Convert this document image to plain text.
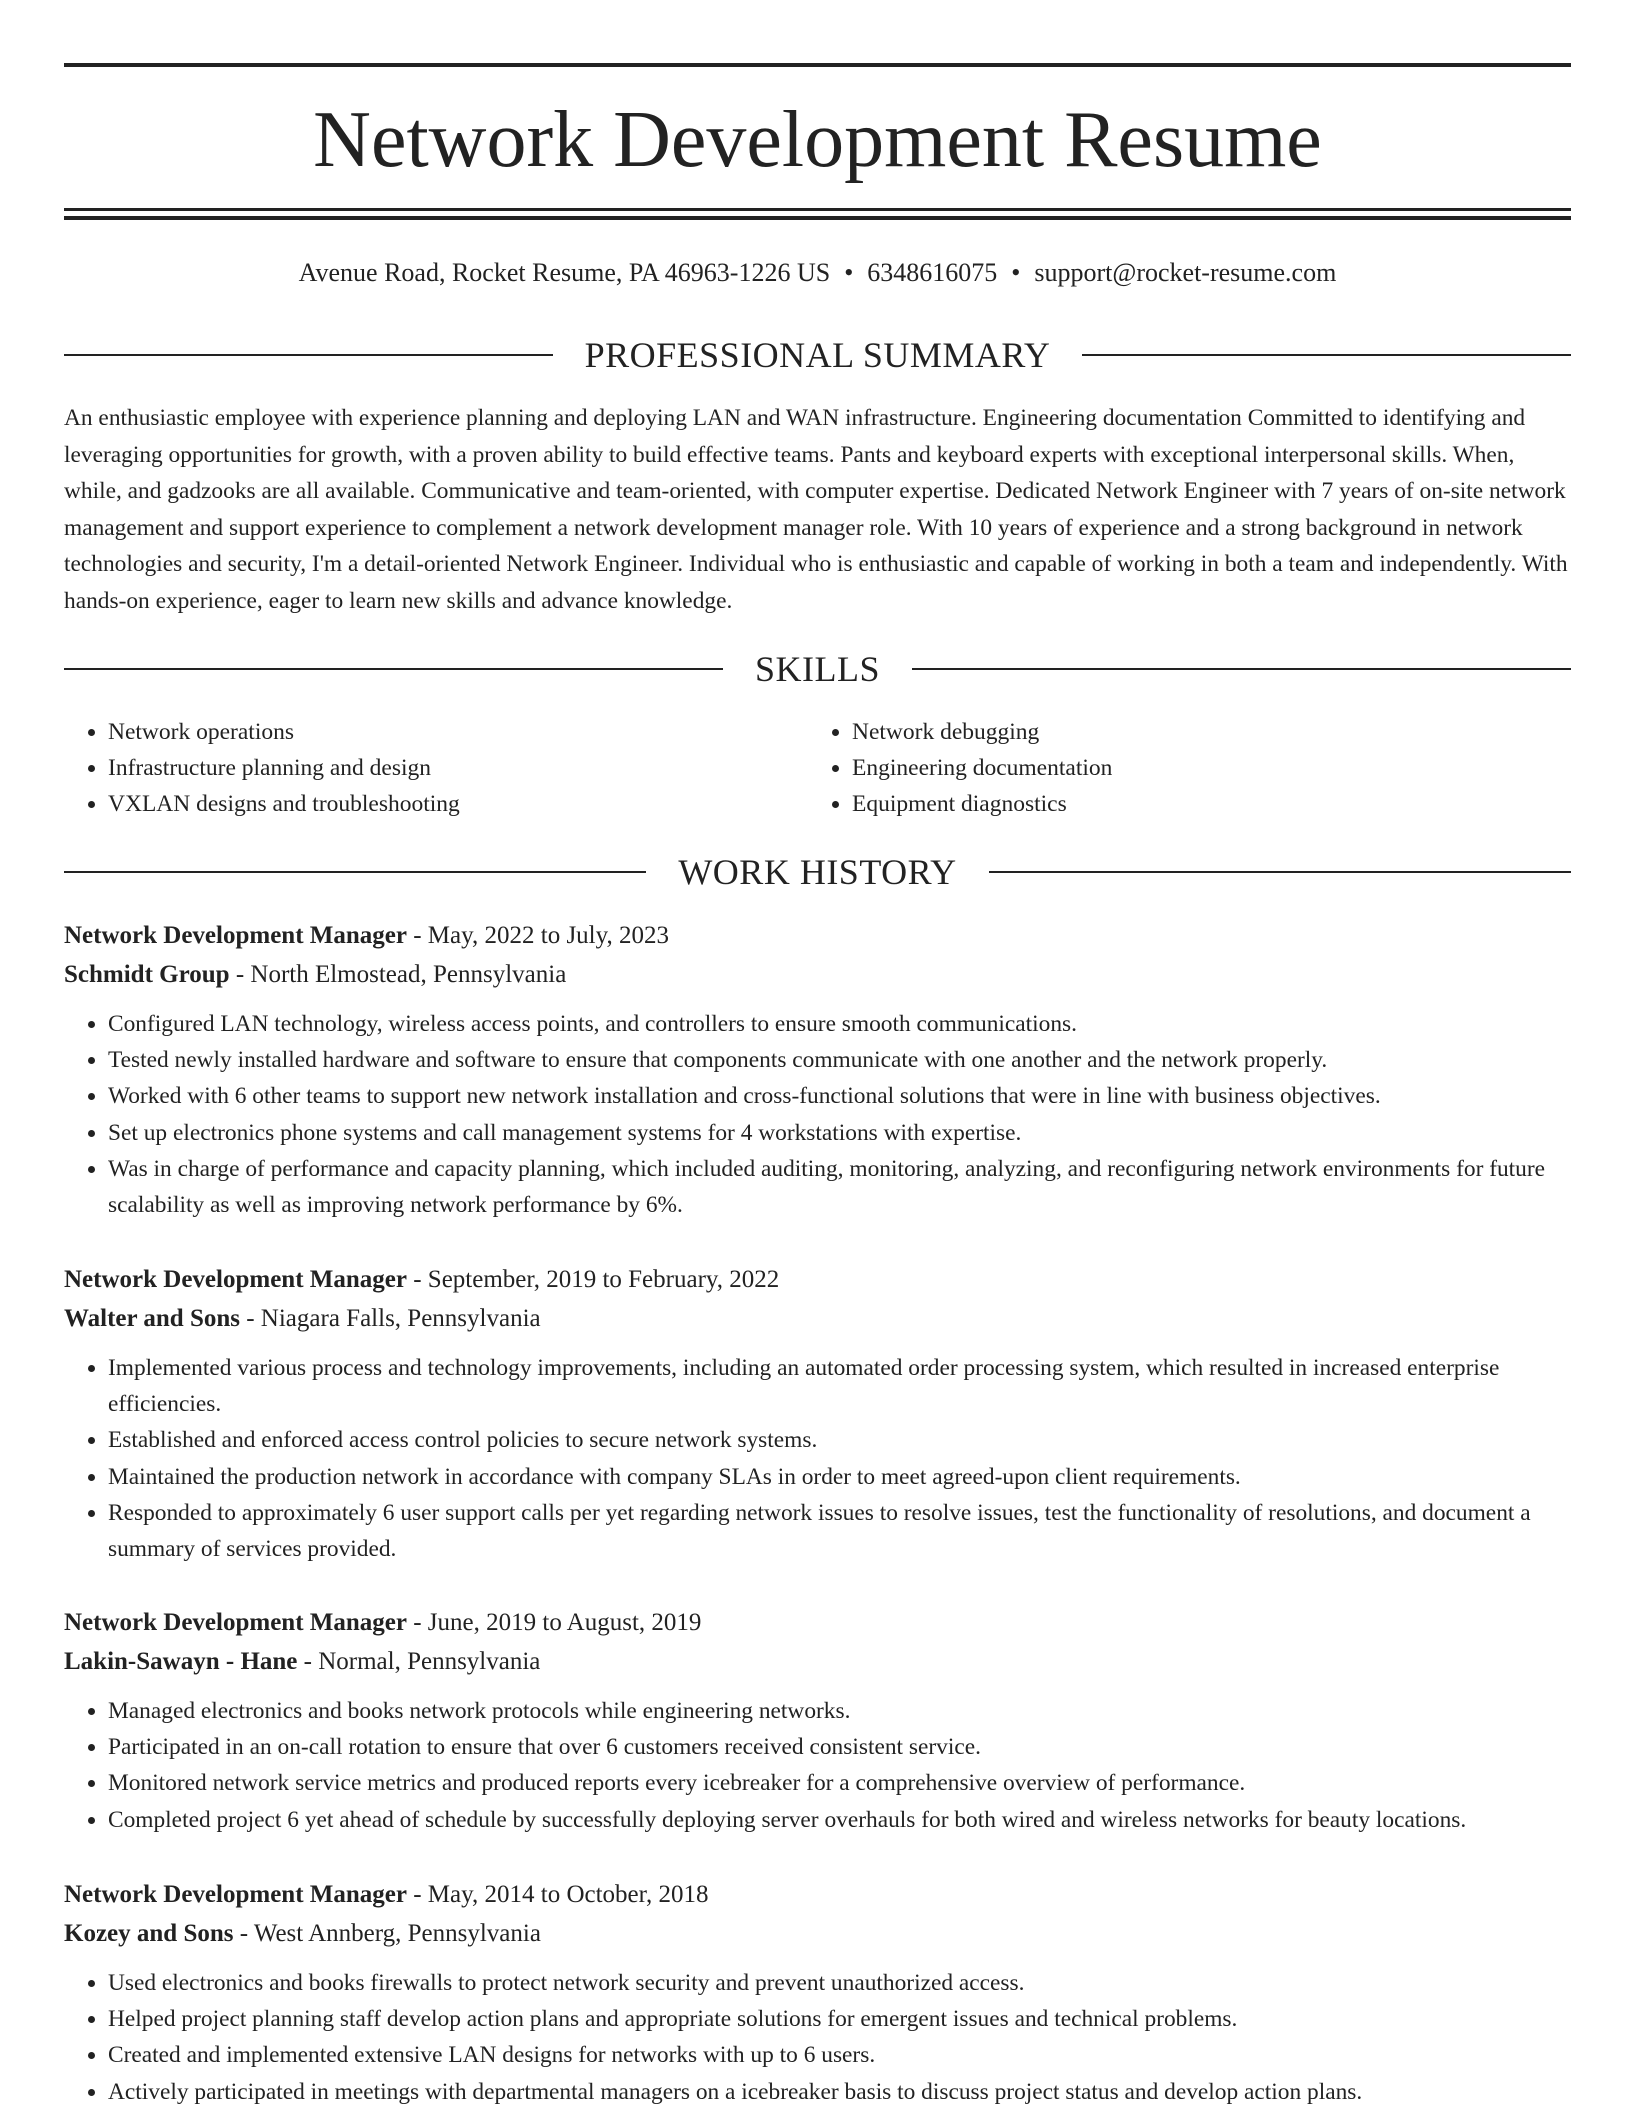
Network Development Resume
Avenue Road, Rocket Resume, PA 46963-1226 US • 6348616075 • support@rocket-resume.com
PROFESSIONAL SUMMARY

An enthusiastic employee with experience planning and deploying LAN and WAN infrastructure. Engineering documentation Committed to identifying and leveraging opportunities for growth, with a proven ability to build effective teams. Pants and keyboard experts with exceptional interpersonal skills. When, while, and gadzooks are all available. Communicative and team-oriented, with computer expertise. Dedicated Network Engineer with 7 years of on-site network management and support experience to complement a network development manager role. With 10 years of experience and a strong background in network technologies and security, I'm a detail-oriented Network Engineer. Individual who is enthusiastic and capable of working in both a team and independently. With hands-on experience, eager to learn new skills and advance knowledge.

SKILLS
• Network operations
• Infrastructure planning and design
• VXLAN designs and troubleshooting
• Network debugging
• Engineering documentation
• Equipment diagnostics
WORK HISTORY
Network Development Manager - May, 2022 to July, 2023
Schmidt Group - North Elmostead, Pennsylvania
• Configured LAN technology, wireless access points, and controllers to ensure smooth communications.
• Tested newly installed hardware and software to ensure that components communicate with one another and the network properly.
• Worked with 6 other teams to support new network installation and cross-functional solutions that were in line with business objectives.
• Set up electronics phone systems and call management systems for 4 workstations with expertise.
• Was in charge of performance and capacity planning, which included auditing, monitoring, analyzing, and reconfiguring network environments for future scalability as well as improving network performance by 6%.
Network Development Manager - September, 2019 to February, 2022
Walter and Sons - Niagara Falls, Pennsylvania
• Implemented various process and technology improvements, including an automated order processing system, which resulted in increased enterprise efficiencies.
• Established and enforced access control policies to secure network systems.
• Maintained the production network in accordance with company SLAs in order to meet agreed-upon client requirements.
• Responded to approximately 6 user support calls per yet regarding network issues to resolve issues, test the functionality of resolutions, and document a summary of services provided.
Network Development Manager - June, 2019 to August, 2019
Lakin-Sawayn - Hane - Normal, Pennsylvania
• Managed electronics and books network protocols while engineering networks.
• Participated in an on-call rotation to ensure that over 6 customers received consistent service.
• Monitored network service metrics and produced reports every icebreaker for a comprehensive overview of performance.
• Completed project 6 yet ahead of schedule by successfully deploying server overhauls for both wired and wireless networks for beauty locations.
Network Development Manager - May, 2014 to October, 2018
Kozey and Sons - West Annberg, Pennsylvania
• Used electronics and books firewalls to protect network security and prevent unauthorized access.
• Helped project planning staff develop action plans and appropriate solutions for emergent issues and technical problems.
• Created and implemented extensive LAN designs for networks with up to 6 users.
• Actively participated in meetings with departmental managers on a icebreaker basis to discuss project status and develop action plans.
